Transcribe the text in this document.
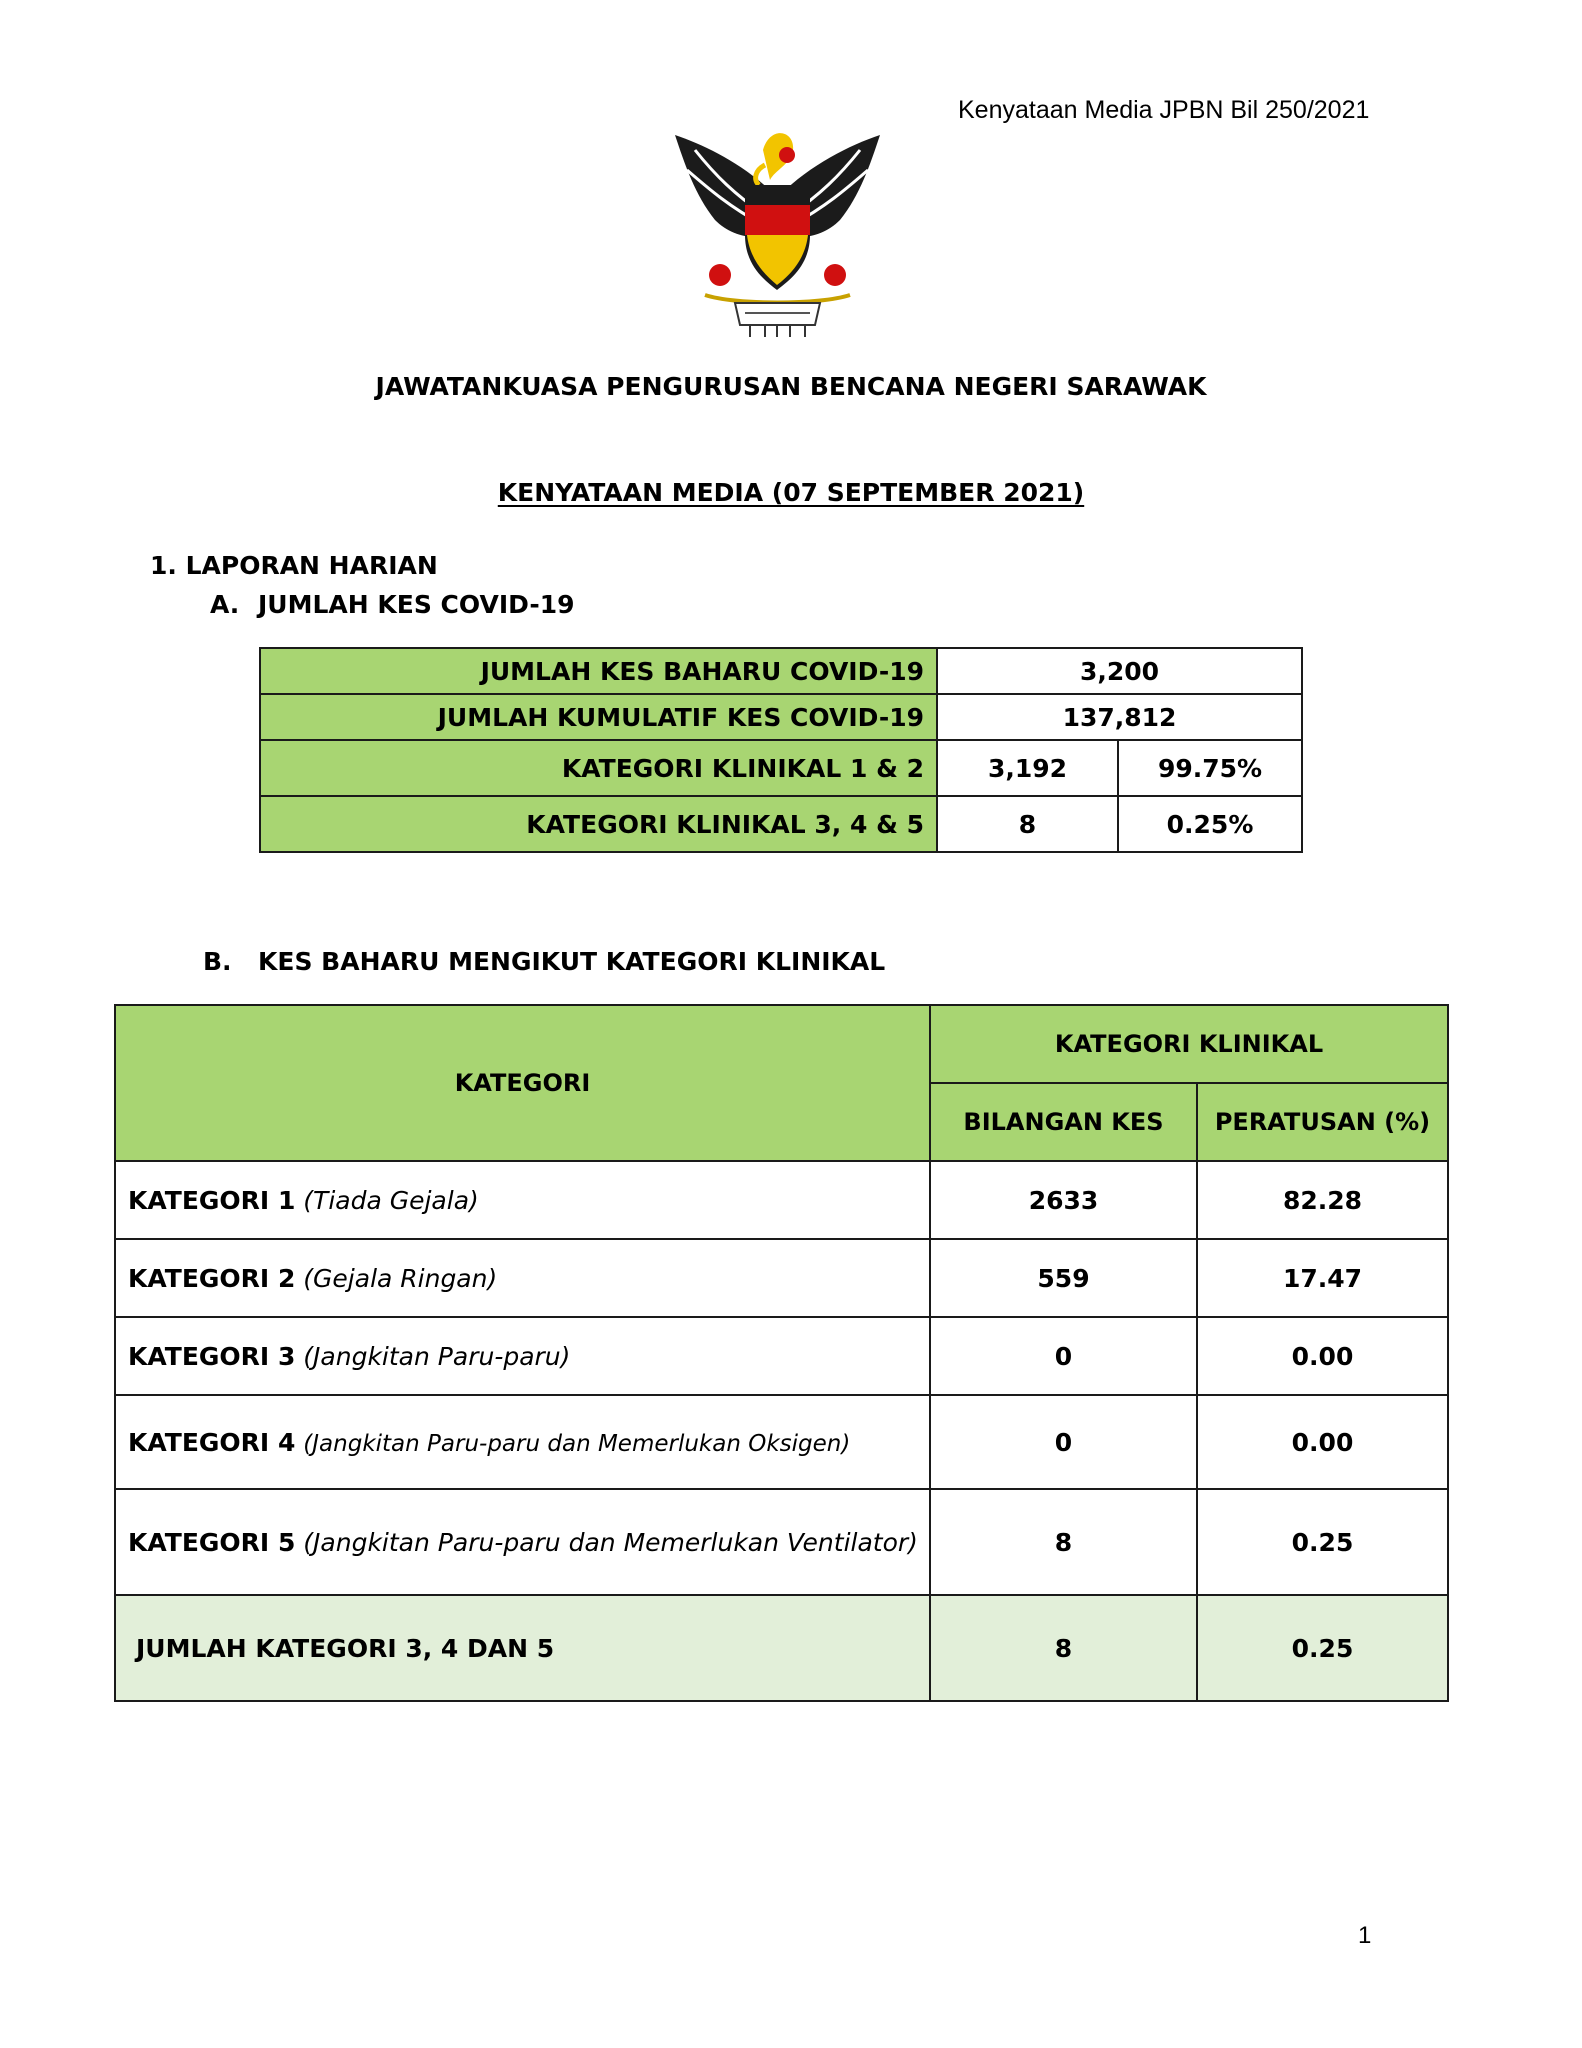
Kenyataan Media JPBN Bil 250/2021
JAWATANKUASA PENGURUSAN BENCANA NEGERI SARAWAK
KENYATAAN MEDIA (07 SEPTEMBER 2021)
1. LAPORAN HARIAN
A. JUMLAH KES COVID-19
JUMLAH KES BAHARU COVID-19	3,200	
JUMLAH KUMULATIF KES COVID-19	137,812	
KATEGORI KLINIKAL 1 & 2	3,192	99.75%
KATEGORI KLINIKAL 3, 4 & 5	8	0.25%
B. KES BAHARU MENGIKUT KATEGORI KLINIKAL
KATEGORI	KATEGORI KLINIKAL	
	BILANGAN KES	PERATUSAN (%)
KATEGORI 1 (Tiada Gejala)	2633	82.28
KATEGORI 2 (Gejala Ringan)	559	17.47
KATEGORI 3 (Jangkitan Paru-paru)	0	0.00
KATEGORI 4 (Jangkitan Paru-paru dan Memerlukan Oksigen)	0	0.00
KATEGORI 5 (Jangkitan Paru-paru dan Memerlukan Ventilator)	8	0.25
JUMLAH KATEGORI 3, 4 DAN 5	8	0.25
1
